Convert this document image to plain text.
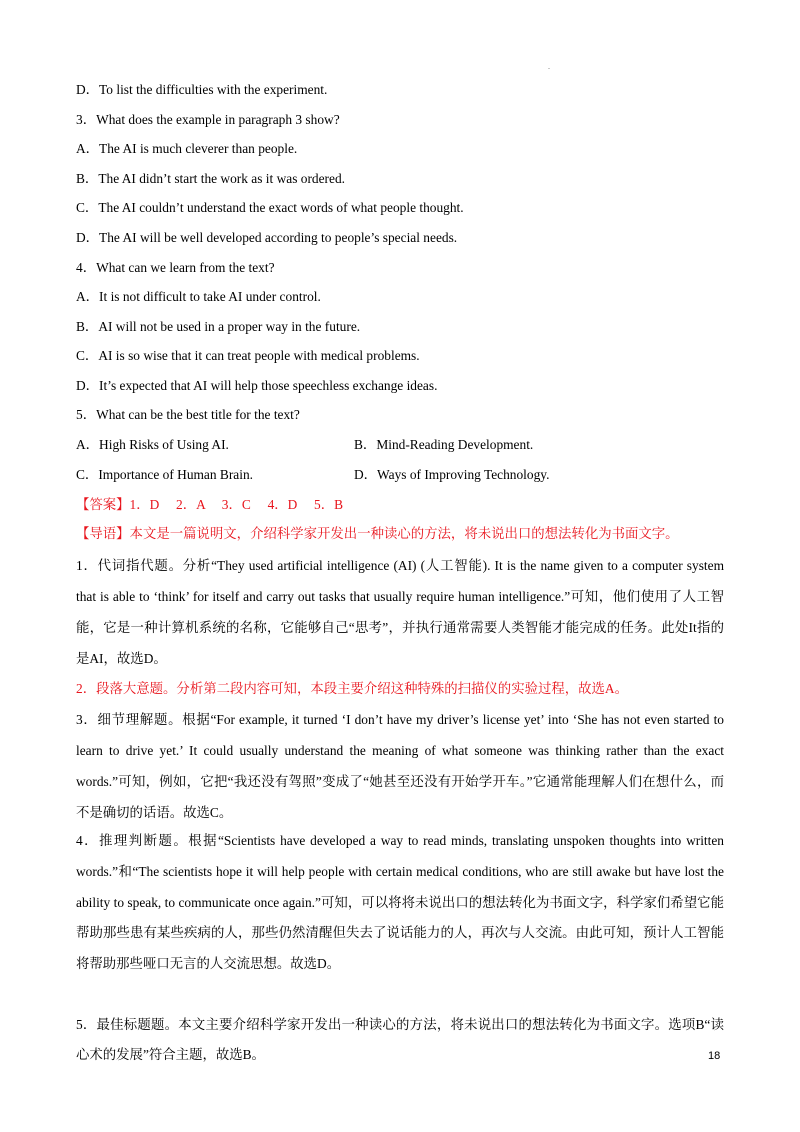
.
D．To list the difficulties with the experiment.
3．What does the example in paragraph 3 show?
A．The AI is much cleverer than people.
B．The AI didn’t start the work as it was ordered.
C．The AI couldn’t understand the exact words of what people thought.
D．The AI will be well developed according to people’s special needs.
4．What can we learn from the text?
A．It is not difficult to take AI under control.
B．AI will not be used in a proper way in the future.
C．AI is so wise that it can treat people with medical problems.
D．It’s expected that AI will help those speechless exchange ideas.
5．What can be the best title for the text?
A．High Risks of Using AI.	B．Mind-Reading Development.
C．Importance of Human Brain.	D．Ways of Improving Technology.
【答案】1．D　 2．A　 3．C　 4．D　 5．B
【导语】本文是一篇说明文，介绍科学家开发出一种读心的方法，将未说出口的想法转化为书面文字。
1．代词指代题。分析“They used artificial intelligence (AI) (人工智能). It is the name given to a computer system that is able to ‘think’ for itself and carry out tasks that usually require human intelligence.”可知，他们使用了人工智能，它是一种计算机系统的名称，它能够自己“思考”，并执行通常需要人类智能才能完成的任务。此处It指的是AI，故选D。
2．段落大意题。分析第二段内容可知，本段主要介绍这种特殊的扫描仪的实验过程，故选A。
3．细节理解题。根据“For example, it turned ‘I don’t have my driver’s license yet’ into ‘She has not even started to learn to drive yet.’ It could usually understand the meaning of what someone was thinking rather than the exact words.”可知，例如，它把“我还没有驾照”变成了“她甚至还没有开始学开车。”它通常能理解人们在想什么，而不是确切的话语。故选C。
4．推理判断题。根据“Scientists have developed a way to read minds, translating unspoken thoughts into written words.”和“The scientists hope it will help people with certain medical conditions, who are still awake but have lost the ability to speak, to communicate once again.”可知，可以将将未说出口的想法转化为书面文字，科学家们希望它能帮助那些患有某些疾病的人，那些仍然清醒但失去了说话能力的人，再次与人交流。由此可知，预计人工智能将帮助那些哑口无言的人交流思想。故选D。
5．最佳标题题。本文主要介绍科学家开发出一种读心的方法，将未说出口的想法转化为书面文字。选项B“读心术的发展”符合主题，故选B。	18
